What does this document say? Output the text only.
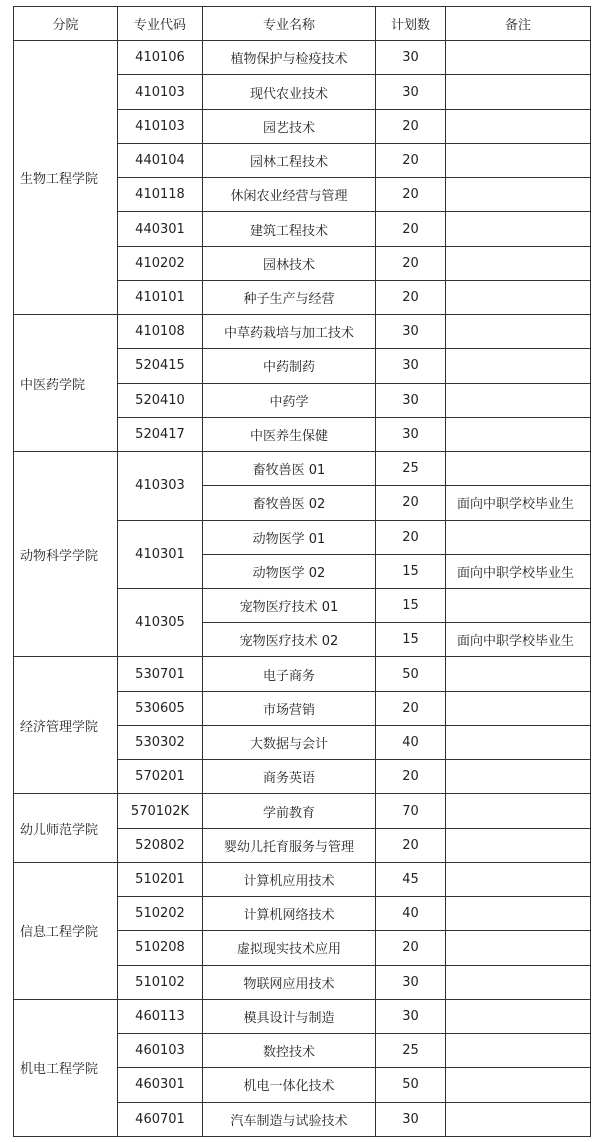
分院	专业代码	专业名称	计划数	备注
生物工程学院	410106	植物保护与检疫技术	30	
	410103	现代农业技术	30	
	410103	园艺技术	20	
	440104	园林工程技术	20	
	410118	休闲农业经营与管理	20	
	440301	建筑工程技术	20	
	410202	园林技术	20	
	410101	种子生产与经营	20	
中医药学院	410108	中草药栽培与加工技术	30	
	520415	中药制药	30	
	520410	中药学	30	
	520417	中医养生保健	30	
动物科学学院	410303	畜牧兽医 01	25	
		畜牧兽医 02	20	面向中职学校毕业生
	410301	动物医学 01	20	
		动物医学 02	15	面向中职学校毕业生
	410305	宠物医疗技术 01	15	
		宠物医疗技术 02	15	面向中职学校毕业生
经济管理学院	530701	电子商务	50	
	530605	市场营销	20	
	530302	大数据与会计	40	
	570201	商务英语	20	
幼儿师范学院	570102K	学前教育	70	
	520802	婴幼儿托育服务与管理	20	
信息工程学院	510201	计算机应用技术	45	
	510202	计算机网络技术	40	
	510208	虚拟现实技术应用	20	
	510102	物联网应用技术	30	
机电工程学院	460113	模具设计与制造	30	
	460103	数控技术	25	
	460301	机电一体化技术	50	
	460701	汽车制造与试验技术	30	
